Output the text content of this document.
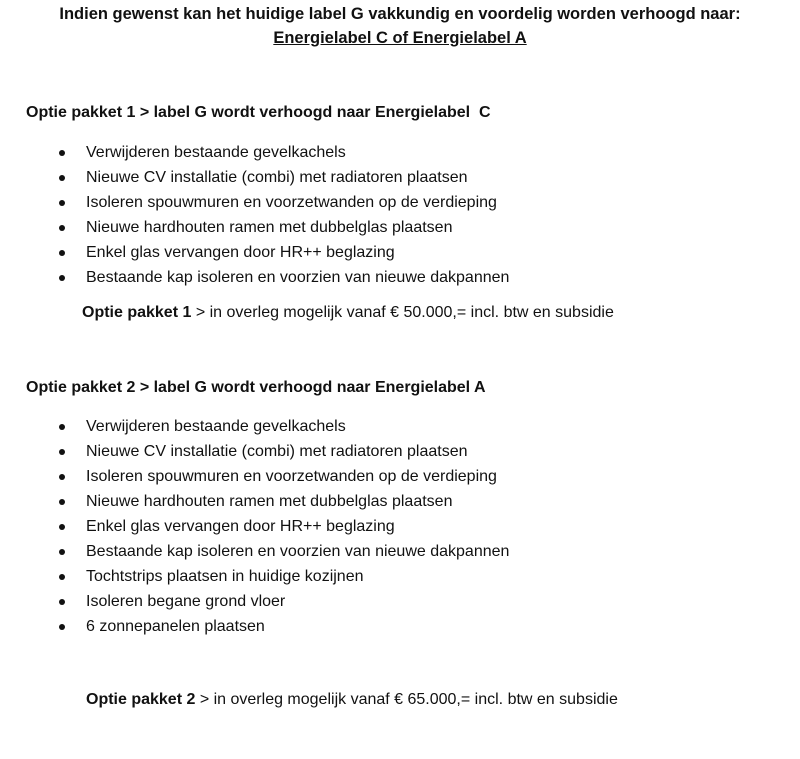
Indien gewenst kan het huidige label G vakkundig en voordelig worden verhoogd naar:
Energielabel C of Energielabel A
Optie pakket 1 > label G wordt verhoogd naar Energielabel  C
Verwijderen bestaande gevelkachels
Nieuwe CV installatie (combi) met radiatoren plaatsen
Isoleren spouwmuren en voorzetwanden op de verdieping
Nieuwe hardhouten ramen met dubbelglas plaatsen
Enkel glas vervangen door HR++ beglazing
Bestaande kap isoleren en voorzien van nieuwe dakpannen
Optie pakket 1 > in overleg mogelijk vanaf € 50.000,= incl. btw en subsidie
Optie pakket 2 > label G wordt verhoogd naar Energielabel A
Verwijderen bestaande gevelkachels
Nieuwe CV installatie (combi) met radiatoren plaatsen
Isoleren spouwmuren en voorzetwanden op de verdieping
Nieuwe hardhouten ramen met dubbelglas plaatsen
Enkel glas vervangen door HR++ beglazing
Bestaande kap isoleren en voorzien van nieuwe dakpannen
Tochtstrips plaatsen in huidige kozijnen
Isoleren begane grond vloer
6 zonnepanelen plaatsen
Optie pakket 2 > in overleg mogelijk vanaf € 65.000,= incl. btw en subsidie
